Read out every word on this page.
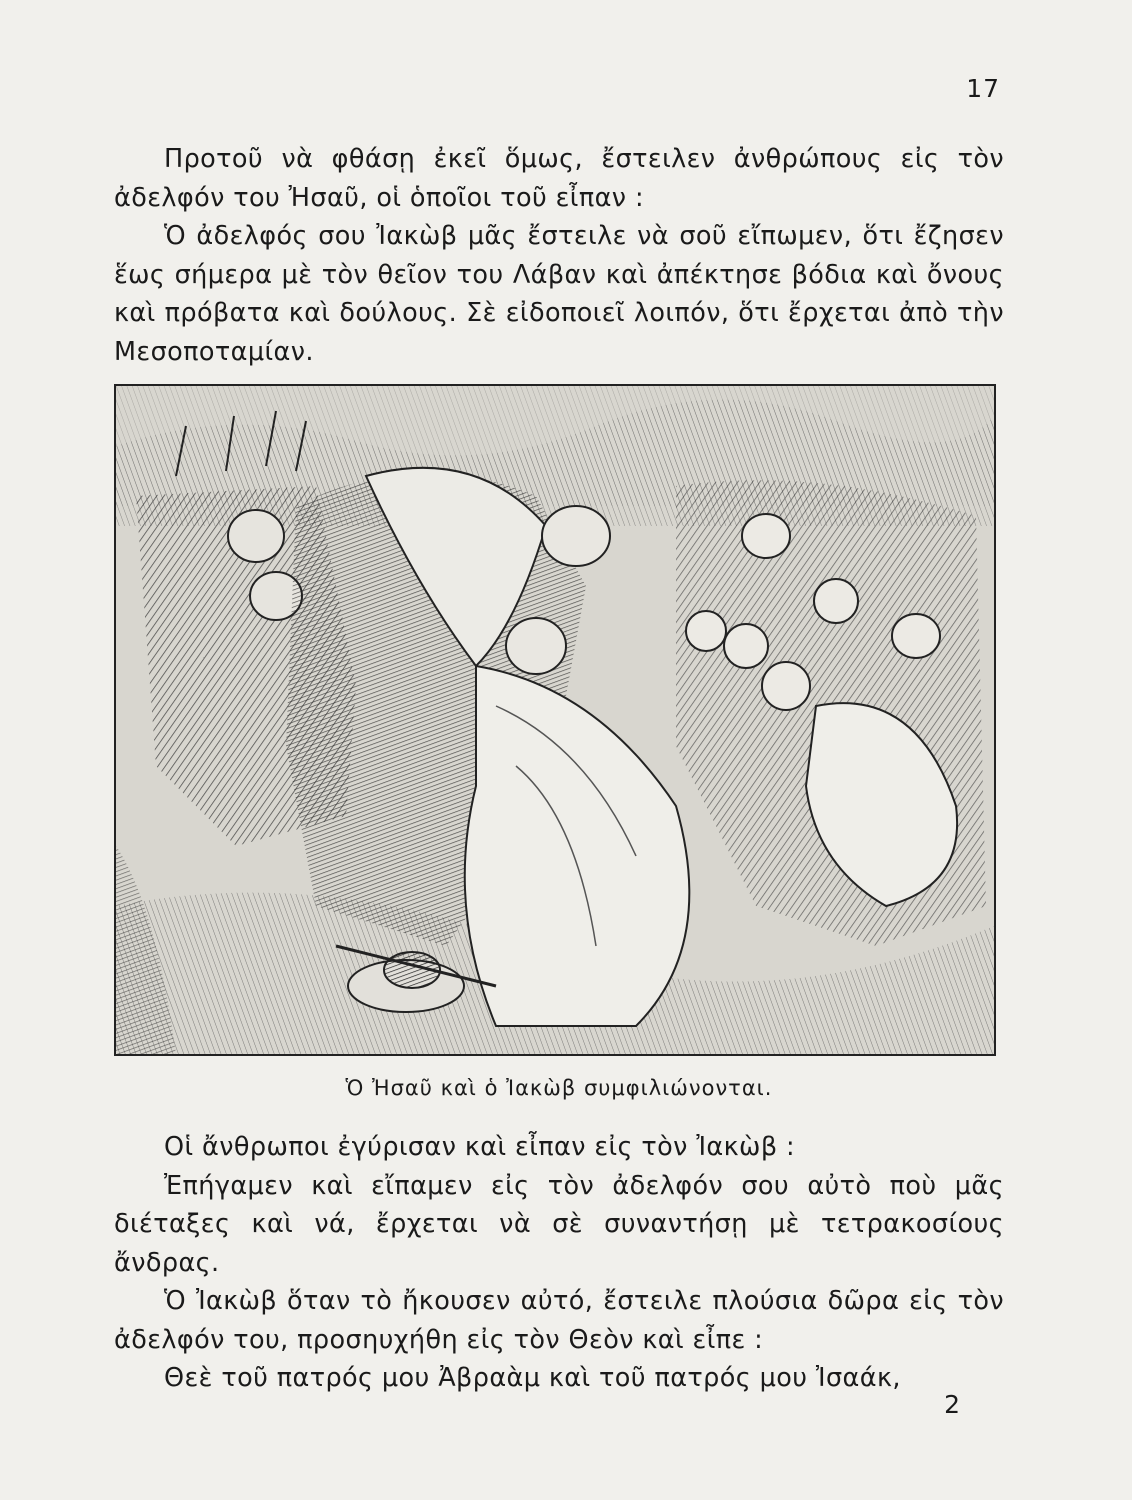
17

Προτοῦ νὰ φθάσῃ ἐκεῖ ὅμως, ἔστειλεν ἀνθρώπους εἰς τὸν ἀδελφόν του Ἠσαῦ, οἱ ὁποῖοι τοῦ εἶπαν :

Ὁ ἀδελφός σου Ἰακὼβ μᾶς ἔστειλε νὰ σοῦ εἴπωμεν, ὅτι ἔζησεν ἕως σήμερα μὲ τὸν θεῖον του Λάβαν καὶ ἀπέκτησε βόδια καὶ ὄνους καὶ πρόβατα καὶ δούλους. Σὲ εἰδοποιεῖ λοιπόν, ὅτι ἔρχεται ἀπὸ τὴν Μεσοποταμίαν.

Ὁ Ἠσαῦ καὶ ὁ Ἰακὼβ συμφιλιώνονται.

Οἱ ἄνθρωποι ἐγύρισαν καὶ εἶπαν εἰς τὸν Ἰακὼβ :

Ἐπήγαμεν καὶ εἴπαμεν εἰς τὸν ἀδελφόν σου αὐτὸ ποὺ μᾶς διέταξες καὶ νά, ἔρχεται νὰ σὲ συναντήσῃ μὲ τετρακοσίους ἄνδρας.

Ὁ Ἰακὼβ ὅταν τὸ ἤκουσεν αὐτό, ἔστειλε πλούσια δῶρα εἰς τὸν ἀδελφόν του, προσηυχήθη εἰς τὸν Θεὸν καὶ εἶπε :

Θεὲ τοῦ πατρός μου Ἀβραὰμ καὶ τοῦ πατρός μου Ἰσαάκ,

2
